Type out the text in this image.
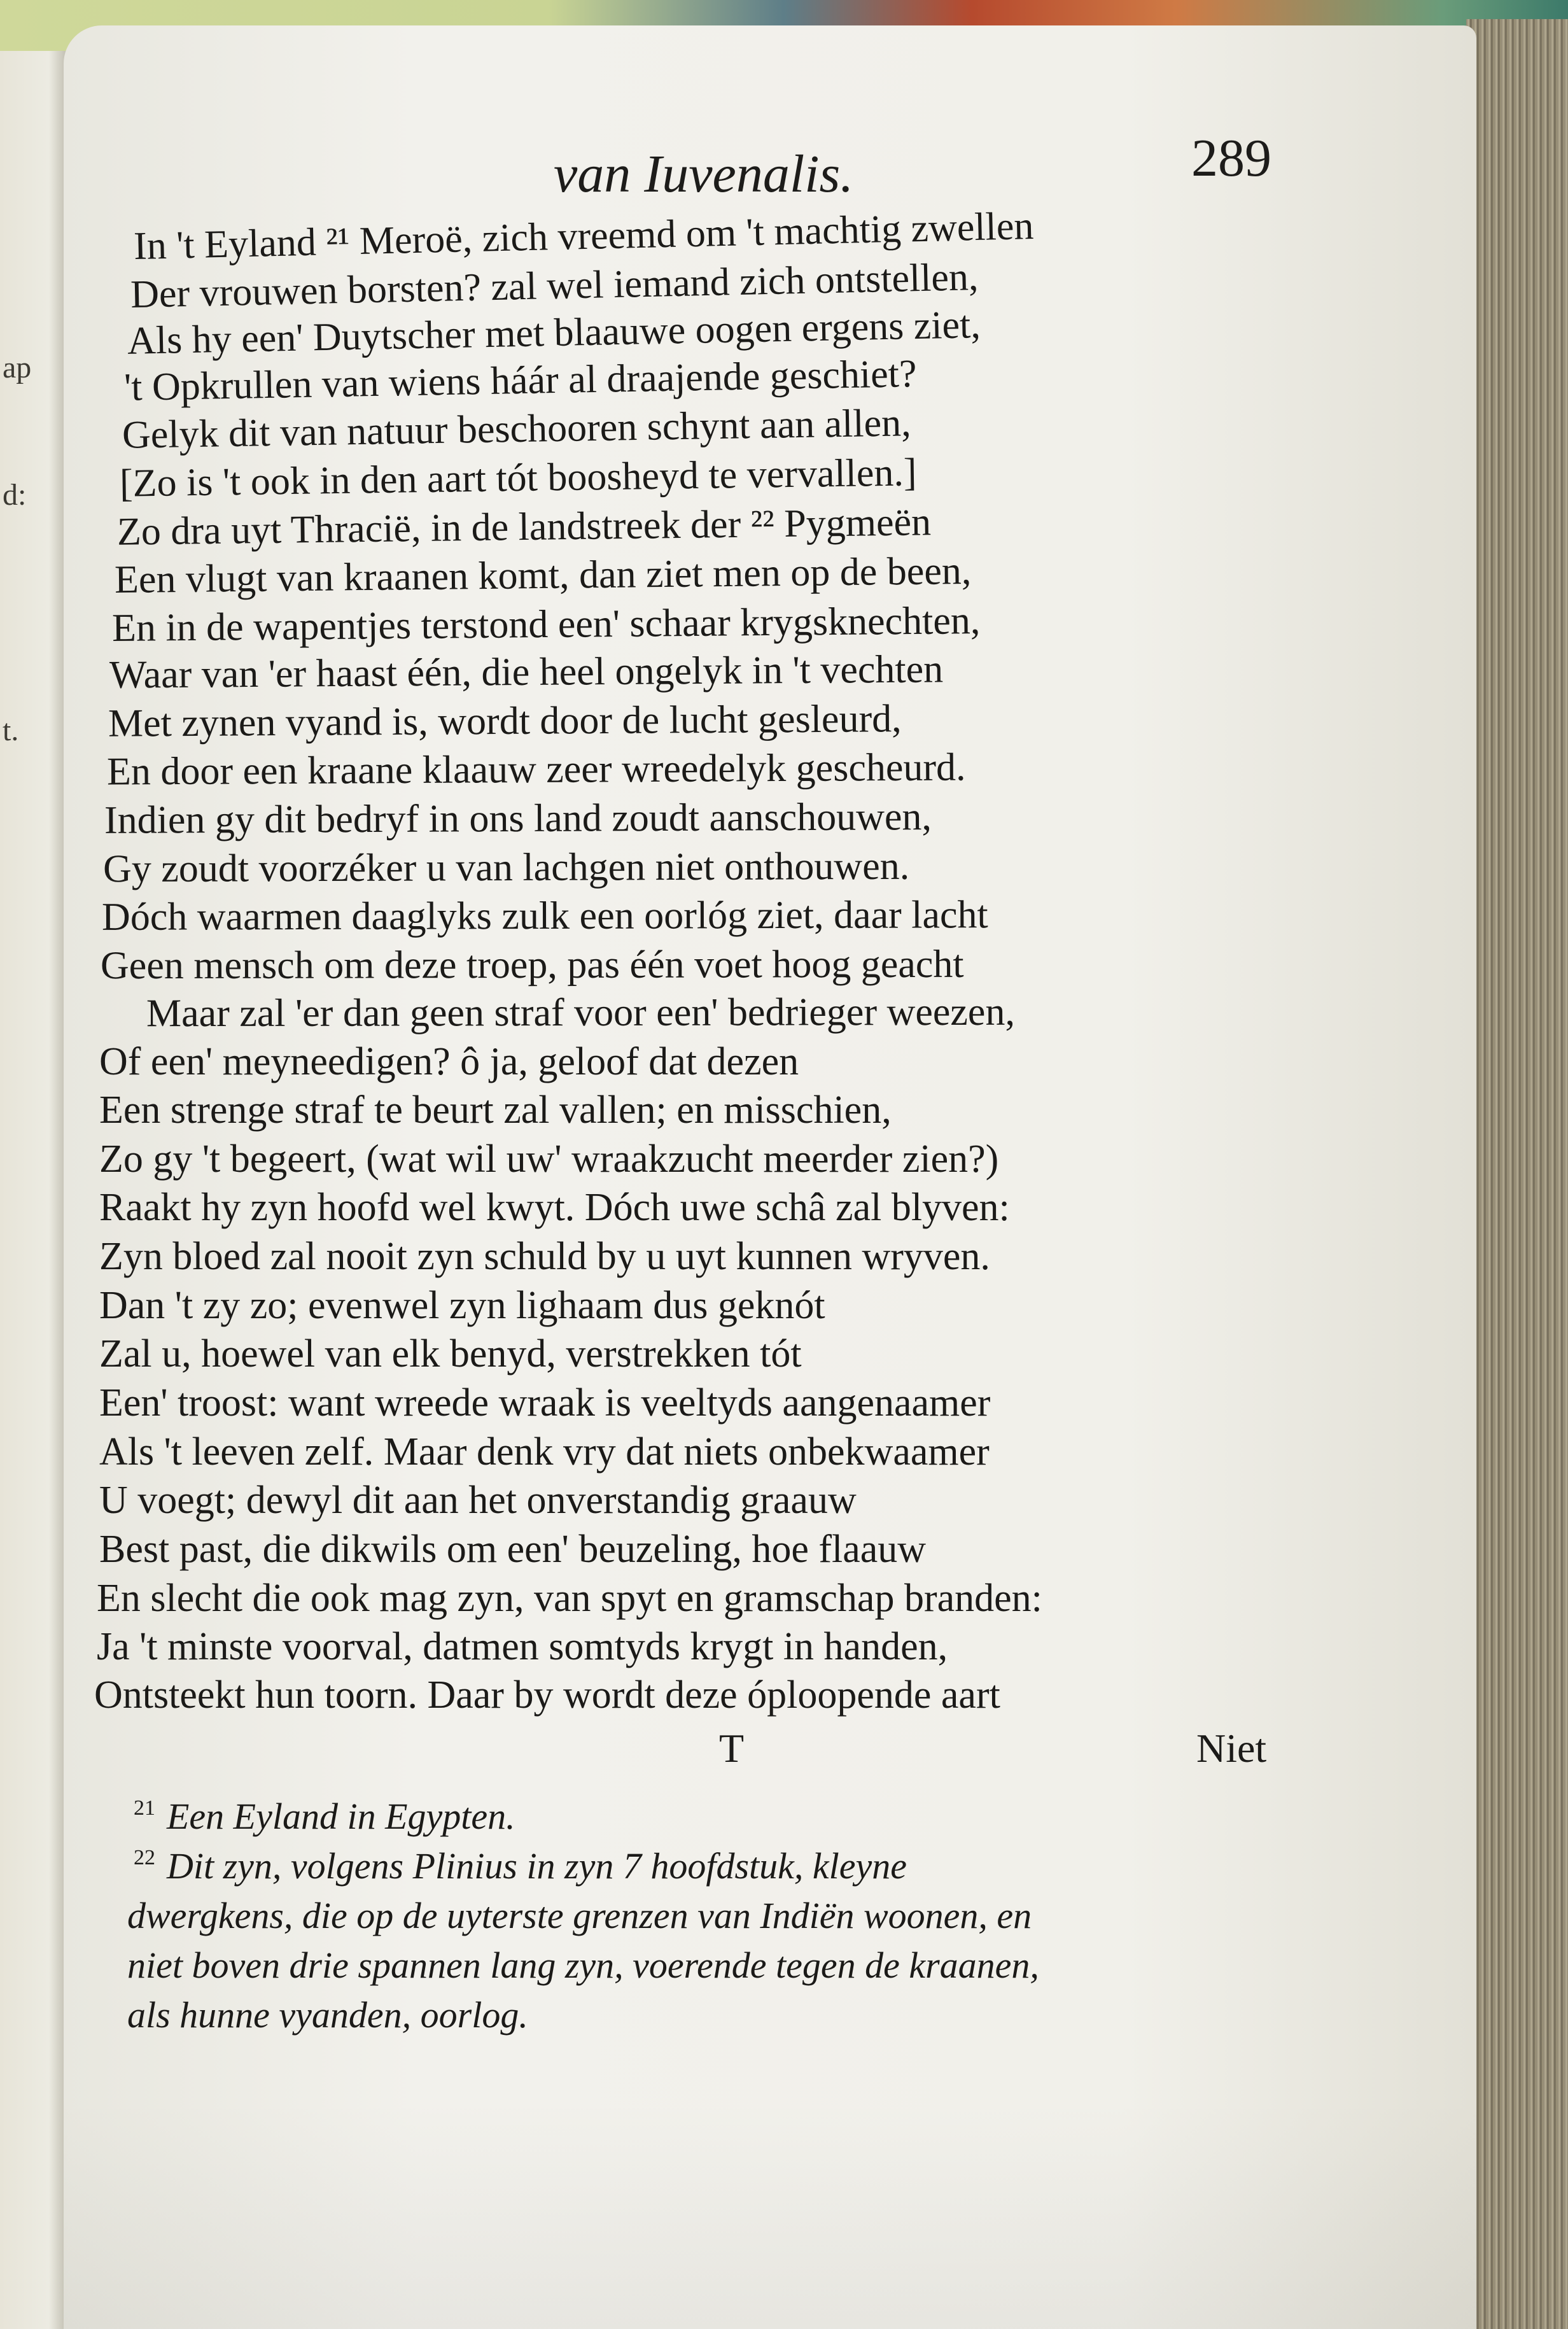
ap
d:
t.
van Iuvenalis.	289
In 't Eyland ²¹ Meroë, zich vreemd om 't machtig zwellen
Der vrouwen borsten? zal wel iemand zich ontstellen,
Als hy een' Duytscher met blaauwe oogen ergens ziet,
't Opkrullen van wiens háár al draajende geschiet?
Gelyk dit van natuur beschooren schynt aan allen,
[Zo is 't ook in den aart tót boosheyd te vervallen.]
Zo dra uyt Thracië, in de landstreek der ²² Pygmeën
Een vlugt van kraanen komt, dan ziet men op de been,
En in de wapentjes terstond een' schaar krygsknechten,
Waar van 'er haast één, die heel ongelyk in 't vechten
Met zynen vyand is, wordt door de lucht gesleurd,
En door een kraane klaauw zeer wreedelyk gescheurd.
Indien gy dit bedryf in ons land zoudt aanschouwen,
Gy zoudt voorzéker u van lachgen niet onthouwen.
Dóch waarmen daaglyks zulk een oorlóg ziet, daar lacht
Geen mensch om deze troep, pas één voet hoog geacht
Maar zal 'er dan geen straf voor een' bedrieger weezen,
Of een' meyneedigen? ô ja, geloof dat dezen
Een strenge straf te beurt zal vallen; en misschien,
Zo gy 't begeert, (wat wil uw' wraakzucht meerder zien?)
Raakt hy zyn hoofd wel kwyt. Dóch uwe schâ zal blyven:
Zyn bloed zal nooit zyn schuld by u uyt kunnen wryven.
Dan 't zy zo; evenwel zyn lighaam dus geknót
Zal u, hoewel van elk benyd, verstrekken tót
Een' troost: want wreede wraak is veeltyds aangenaamer
Als 't leeven zelf. Maar denk vry dat niets onbekwaamer
U voegt; dewyl dit aan het onverstandig graauw
Best past, die dikwils om een' beuzeling, hoe flaauw
En slecht die ook mag zyn, van spyt en gramschap branden:
Ja 't minste voorval, datmen somtyds krygt in handen,
Ontsteekt hun toorn. Daar by wordt deze óploopende aart
T	Niet
$^{21}$ Een Eyland in Egypten.
$^{22}$ Dit zyn, volgens Plinius in zyn 7 hoofdstuk, kleyne
dwergkens, die op de uyterste grenzen van Indiën woonen, en
niet boven drie spannen lang zyn, voerende tegen de kraanen,
als hunne vyanden, oorlog.
